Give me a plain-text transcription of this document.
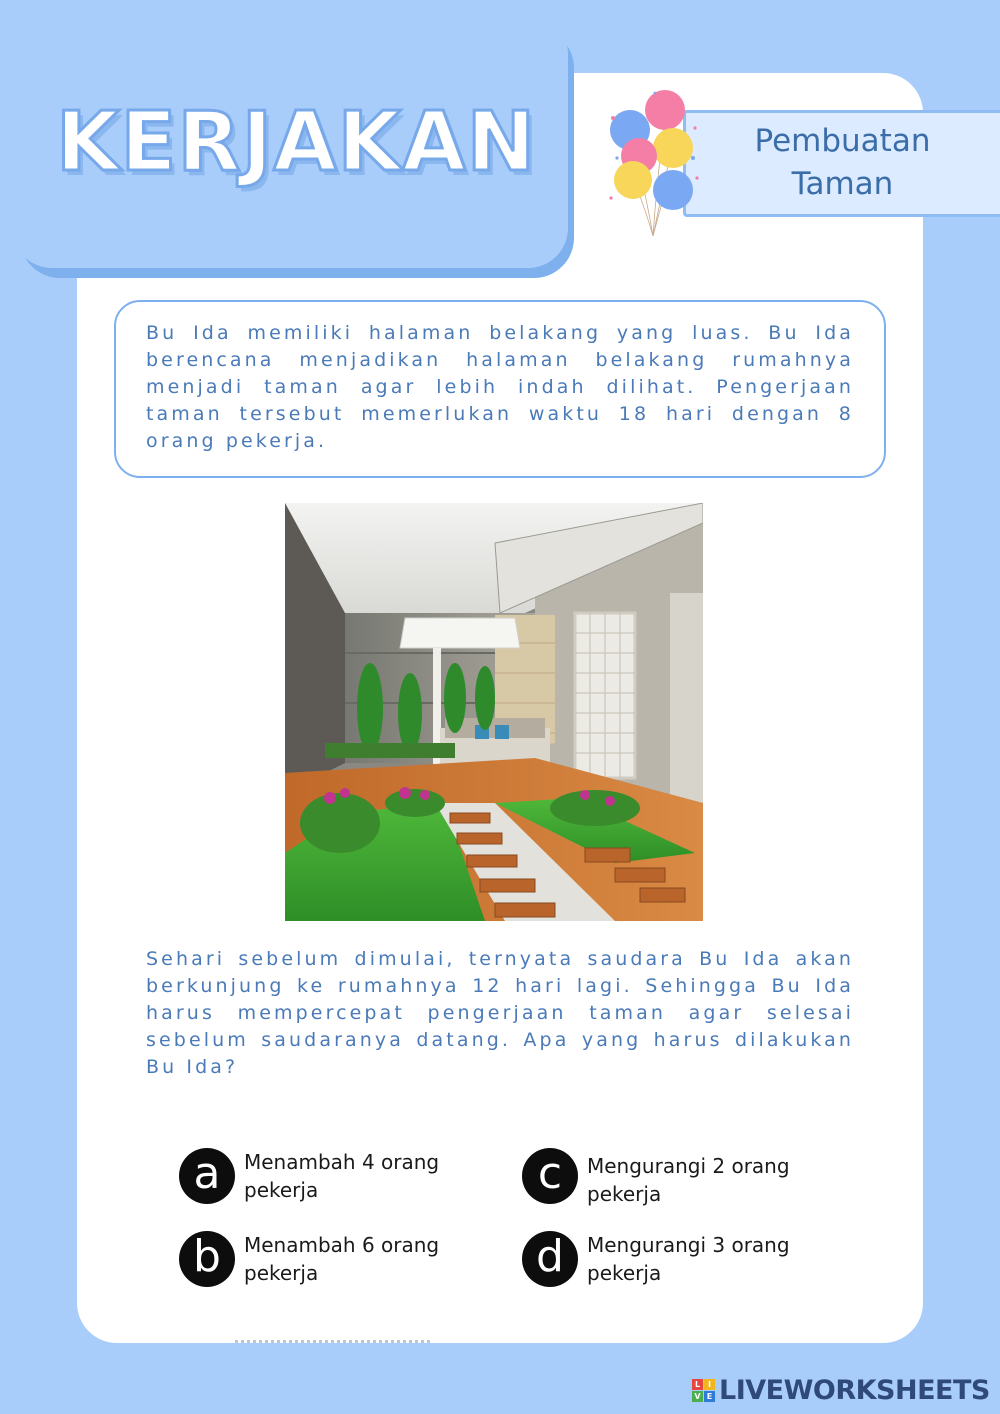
KERJAKAN	Pembuatan Taman

Bu Ida memiliki halaman belakang yang luas. Bu Ida berencana menjadikan halaman belakang rumahnya menjadi taman agar lebih indah dilihat. Pengerjaan taman tersebut memerlukan waktu 18 hari dengan 8 orang pekerja.

Sehari sebelum dimulai, ternyata saudara Bu Ida akan berkunjung ke rumahnya 12 hari lagi. Sehingga Bu Ida harus mempercepat pengerjaan taman agar selesai sebelum saudaranya datang. Apa yang harus dilakukan Bu Ida?

a	Menambah 4 orang pekerja
b	Menambah 6 orang pekerja
c	Mengurangi 2 orang pekerja
d	Mengurangi 3 orang pekerja
L I
V E LIVEWORKSHEETS
